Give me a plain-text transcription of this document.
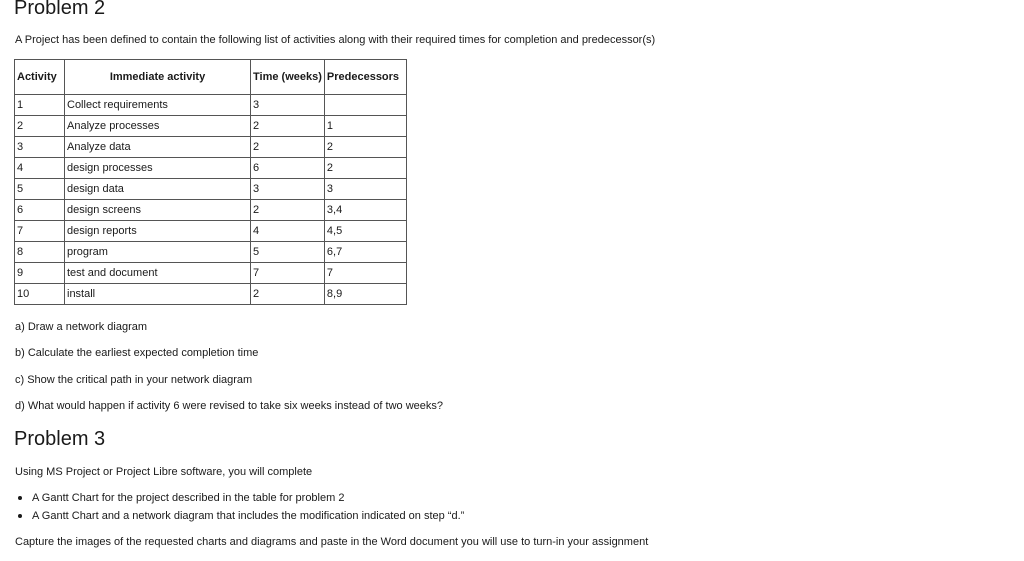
Problem 2

A Project has been defined to contain the following list of activities along with their required times for completion and predecessor(s)

Activity	Immediate activity	Time (weeks)	Predecessors
1	Collect requirements	3	
2	Analyze processes	2	1
3	Analyze data	2	2
4	design processes	6	2
5	design data	3	3
6	design screens	2	3,4
7	design reports	4	4,5
8	program	5	6,7
9	test and document	7	7
10	install	2	8,9

a) Draw a network diagram

b) Calculate the earliest expected completion time

c) Show the critical path in your network diagram

d) What would happen if activity 6 were revised to take six weeks instead of two weeks?

Problem 3

Using MS Project or Project Libre software, you will complete

A Gantt Chart for the project described in the table for problem 2
A Gantt Chart and a network diagram that includes the modification indicated on step “d.”

Capture the images of the requested charts and diagrams and paste in the Word document you will use to turn-in your assignment
